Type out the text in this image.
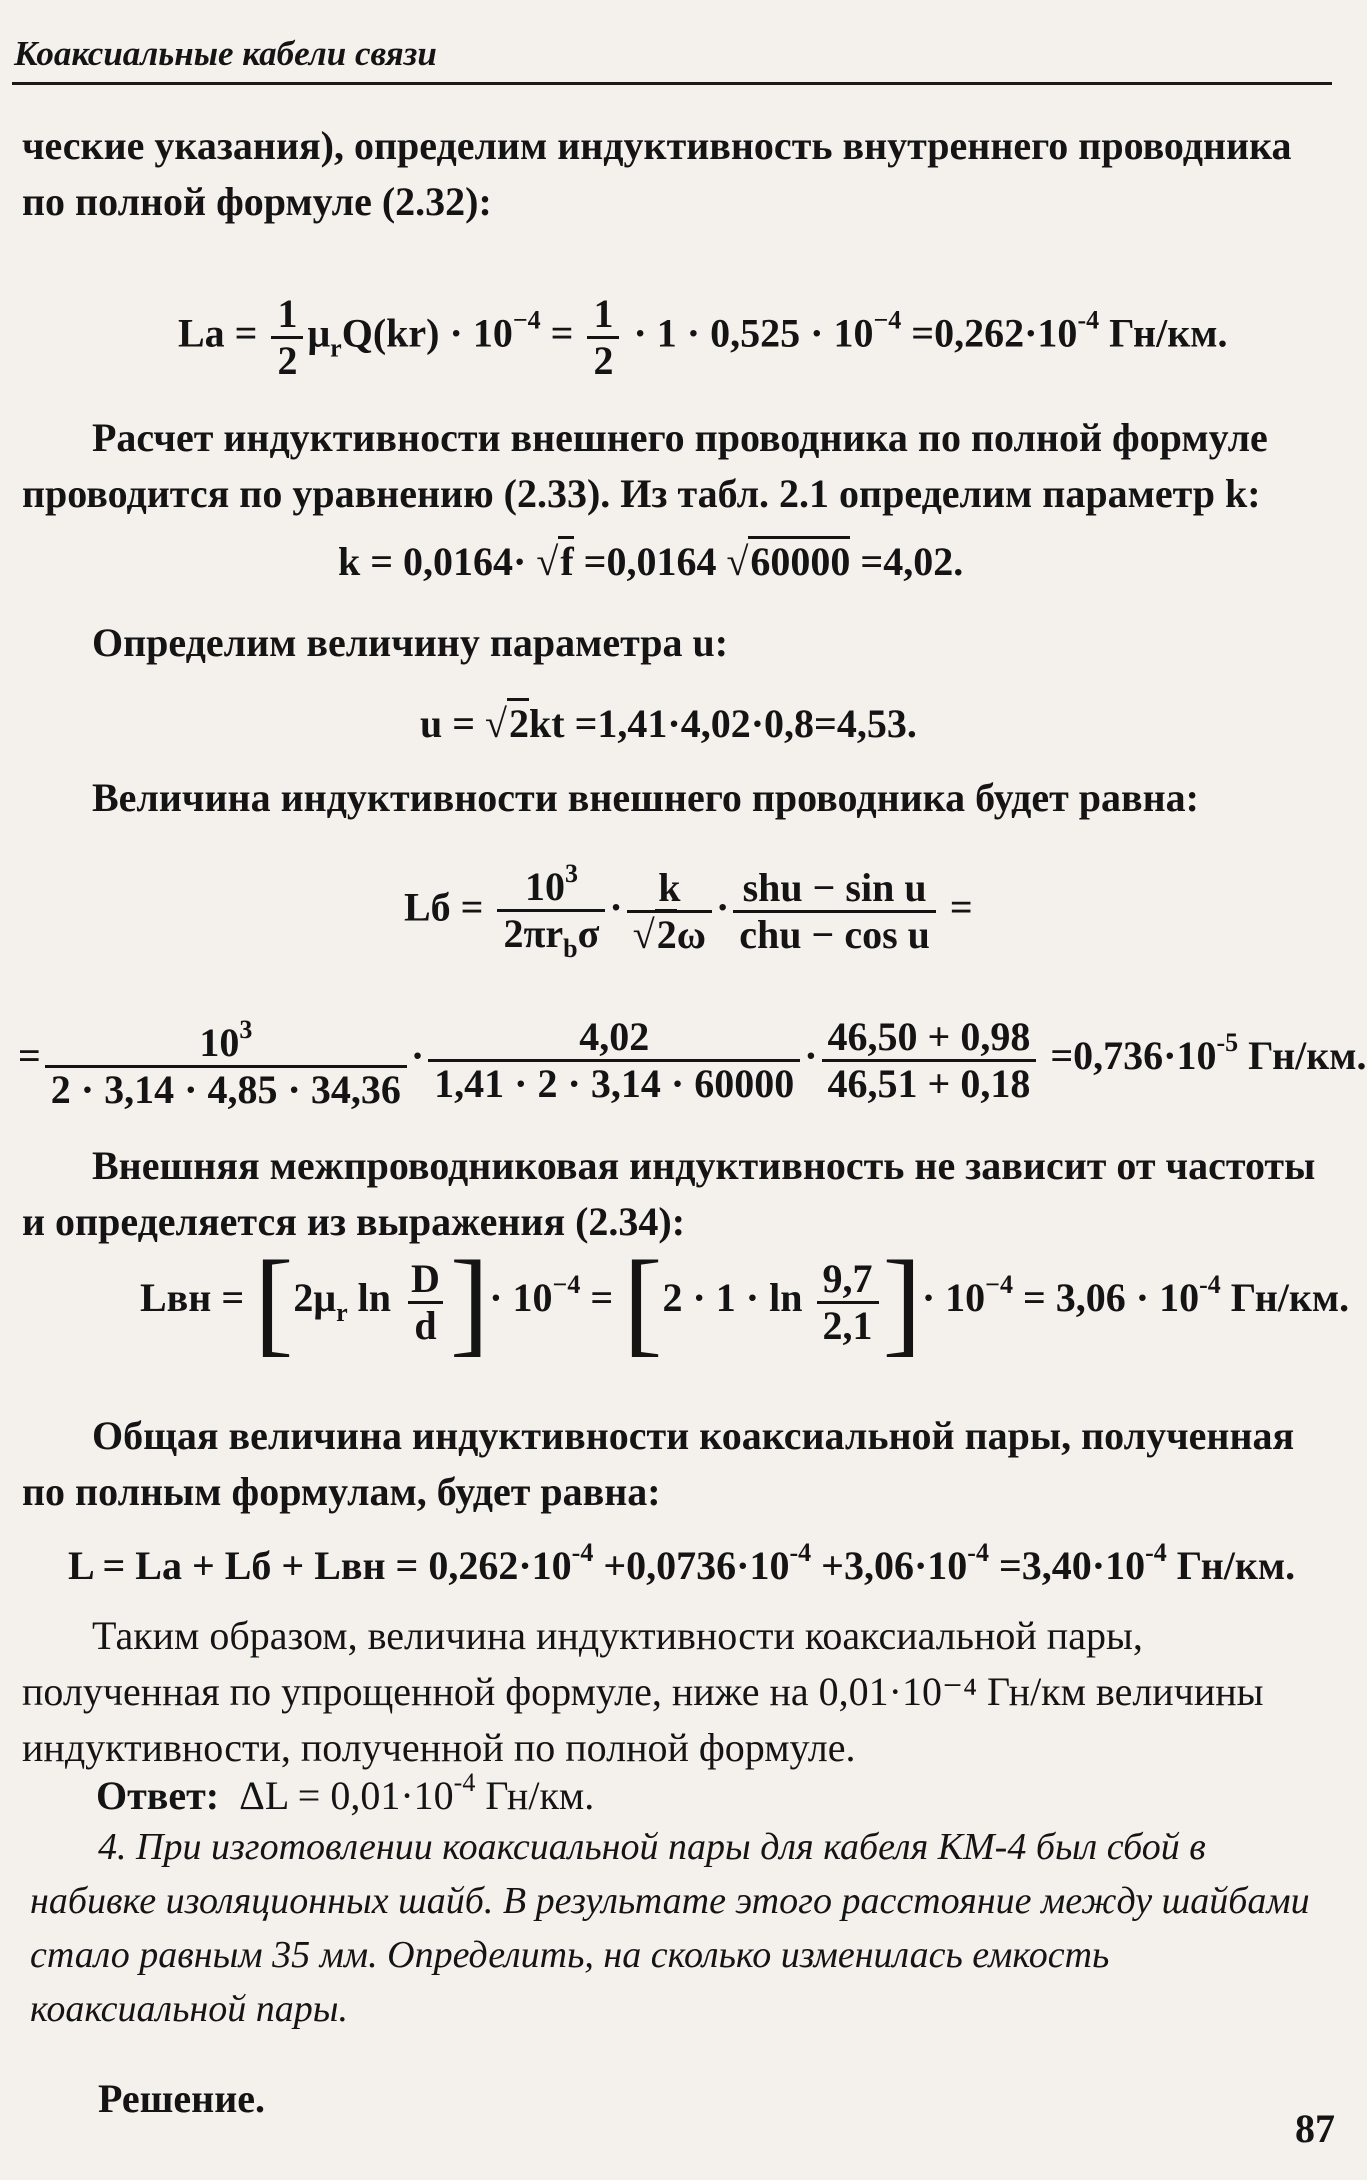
Коаксиальные кабели связи

ческие указания), определим индуктивность внутреннего проводника по полной формуле (2.32):

Lа = $\frac{1}{2} \mu_rQ(kr) \cdot 10^{-4} = \frac{1}{2} \cdot 1 \cdot 0,525 \cdot 10^{-4} =0,262\cdot 10^{-4}$ Гн/км.

Расчет индуктивности внешнего проводника по полной формуле проводится по уравнению (2.33). Из табл. 2.1 определим параметр k:

k = 0,0164· √f =0,0164 √60000 =4,02.

Определим величину параметра u:

u = √2kt =1,41·4,02·0,8=4,53.

Величина индуктивности внешнего проводника будет равна:

Lб = $\frac{10^3}{2\pi r_b\sigma} \cdot \frac{k}{√2\omega} \cdot \frac{\text{shu − sin u}}{\text{chu − cos u}}$ =
= $\frac{10^3}{2 \cdot 3,14 \cdot 4,85 \cdot 34,36} \cdot \frac{4,02}{1,41 \cdot 2 \cdot 3,14 \cdot 60000} \cdot \frac{46,50 + 0,98}{46,51 + 0,18} =0,736\cdot 10^{-5}$ Гн/км.

Внешняя межпроводниковая индуктивность не зависит от частоты и определяется из выражения (2.34):

Lвн = [$2\mu_r$ $\ln \frac{D}{d}$ ]· $10^{-4} = [2 \cdot 1 \cdot \ln \frac{9,7}{2,1}$ ]· $10^{-4} = 3,06 \cdot 10^{-4}$ Гн/км.

Общая величина индуктивности коаксиальной пары, полученная по полным формулам, будет равна:

L = Lа + Lб + Lвн = $0,262\cdot 10^{-4} +0,0736\cdot 10^{-4} +3,06\cdot 10^{-4} =3,40\cdot 10^{-4}$ Гн/км.

Таким образом, величина индуктивности коаксиальной пары, полученная по упрощенной формуле, ниже на 0,01·10⁻⁴ Гн/км величины индуктивности, полученной по полной формуле.

Ответ: $\Delta L = 0,01\cdot 10^{-4}$ Гн/км.

4. При изготовлении коаксиальной пары для кабеля КМ-4 был сбой в набивке изоляционных шайб. В результате этого расстояние между шайбами стало равным 35 мм. Определить, на сколько изменилась емкость коаксиальной пары.

Решение.
87
